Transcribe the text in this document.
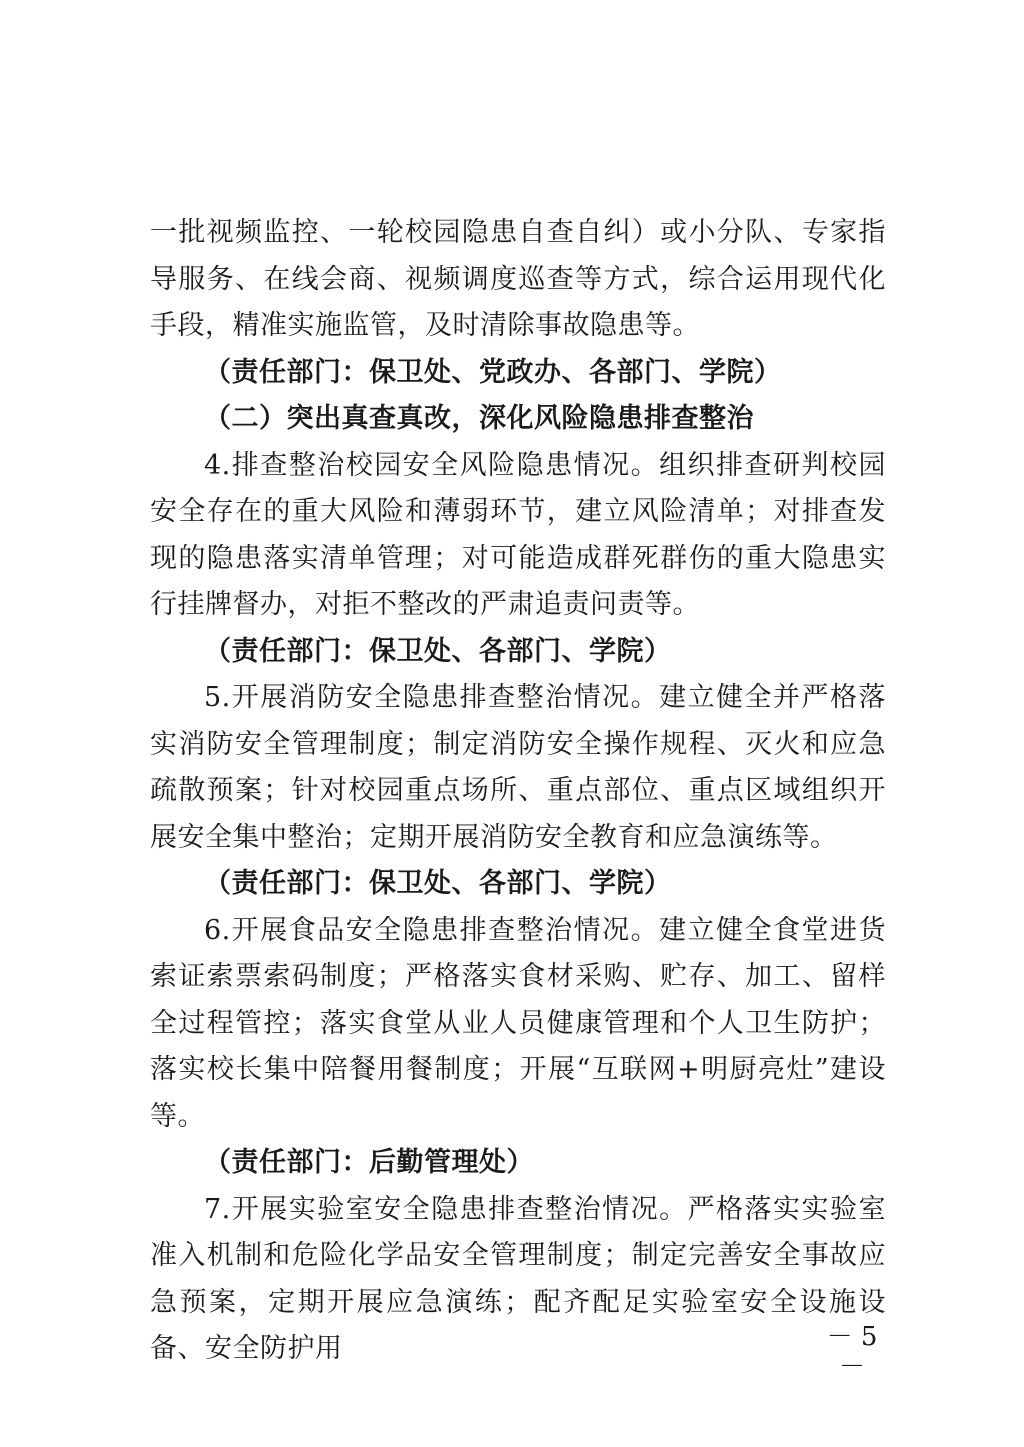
一批视频监控、一轮校园隐患自查自纠）或小分队、专家指导服务、在线会商、视频调度巡查等方式，综合运用现代化手段，精准实施监管，及时清除事故隐患等。

（责任部门：保卫处、党政办、各部门、学院）

（二）突出真查真改，深化风险隐患排查整治

4.排查整治校园安全风险隐患情况。组织排查研判校园安全存在的重大风险和薄弱环节，建立风险清单；对排查发现的隐患落实清单管理；对可能造成群死群伤的重大隐患实行挂牌督办，对拒不整改的严肃追责问责等。

（责任部门：保卫处、各部门、学院）

5.开展消防安全隐患排查整治情况。建立健全并严格落实消防安全管理制度；制定消防安全操作规程、灭火和应急疏散预案；针对校园重点场所、重点部位、重点区域组织开展安全集中整治；定期开展消防安全教育和应急演练等。

（责任部门：保卫处、各部门、学院）

6.开展食品安全隐患排查整治情况。建立健全食堂进货索证索票索码制度；严格落实食材采购、贮存、加工、留样全过程管控；落实食堂从业人员健康管理和个人卫生防护；落实校长集中陪餐用餐制度；开展“互联网+明厨亮灶”建设等。

（责任部门：后勤管理处）

7.开展实验室安全隐患排查整治情况。严格落实实验室准入机制和危险化学品安全管理制度；制定完善安全事故应急预案，定期开展应急演练；配齐配足实验室安全设施设备、安全防护用	－ 5 －
